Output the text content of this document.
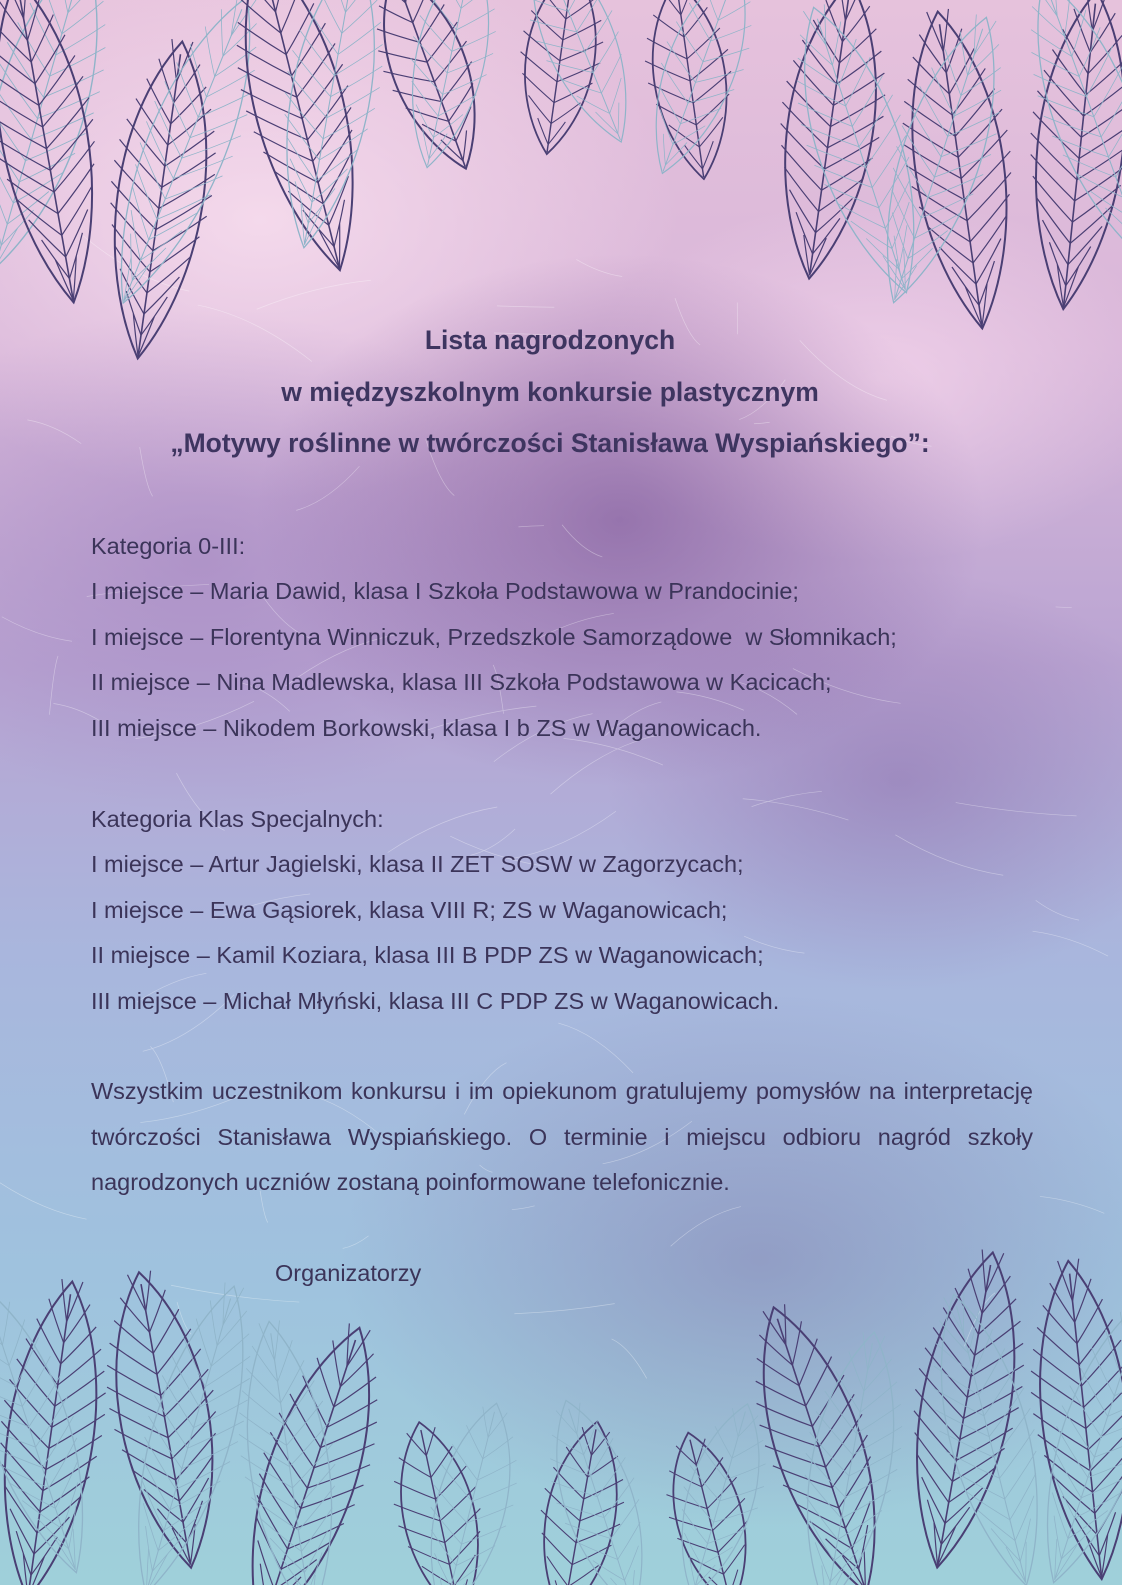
Lista nagrodzonych
w międzyszkolnym konkursie plastycznym
„Motywy roślinne w twórczości Stanisława Wyspiańskiego”:
Kategoria 0-III:
I miejsce – Maria Dawid, klasa I Szkoła Podstawowa w Prandocinie;
I miejsce – Florentyna Winniczuk, Przedszkole Samorządowe  w Słomnikach;
II miejsce – Nina Madlewska, klasa III Szkoła Podstawowa w Kacicach;
III miejsce – Nikodem Borkowski, klasa I b ZS w Waganowicach.
Kategoria Klas Specjalnych:
I miejsce – Artur Jagielski, klasa II ZET SOSW w Zagorzycach;
I miejsce – Ewa Gąsiorek, klasa VIII R; ZS w Waganowicach;
II miejsce – Kamil Koziara, klasa III B PDP ZS w Waganowicach;
III miejsce – Michał Młyński, klasa III C PDP ZS w Waganowicach.
Wszystkim uczestnikom konkursu i im opiekunom gratulujemy pomysłów na interpretację twórczości Stanisława Wyspiańskiego. O terminie i miejscu odbioru nagród szkoły nagrodzonych uczniów zostaną poinformowane telefonicznie.
Organizatorzy
